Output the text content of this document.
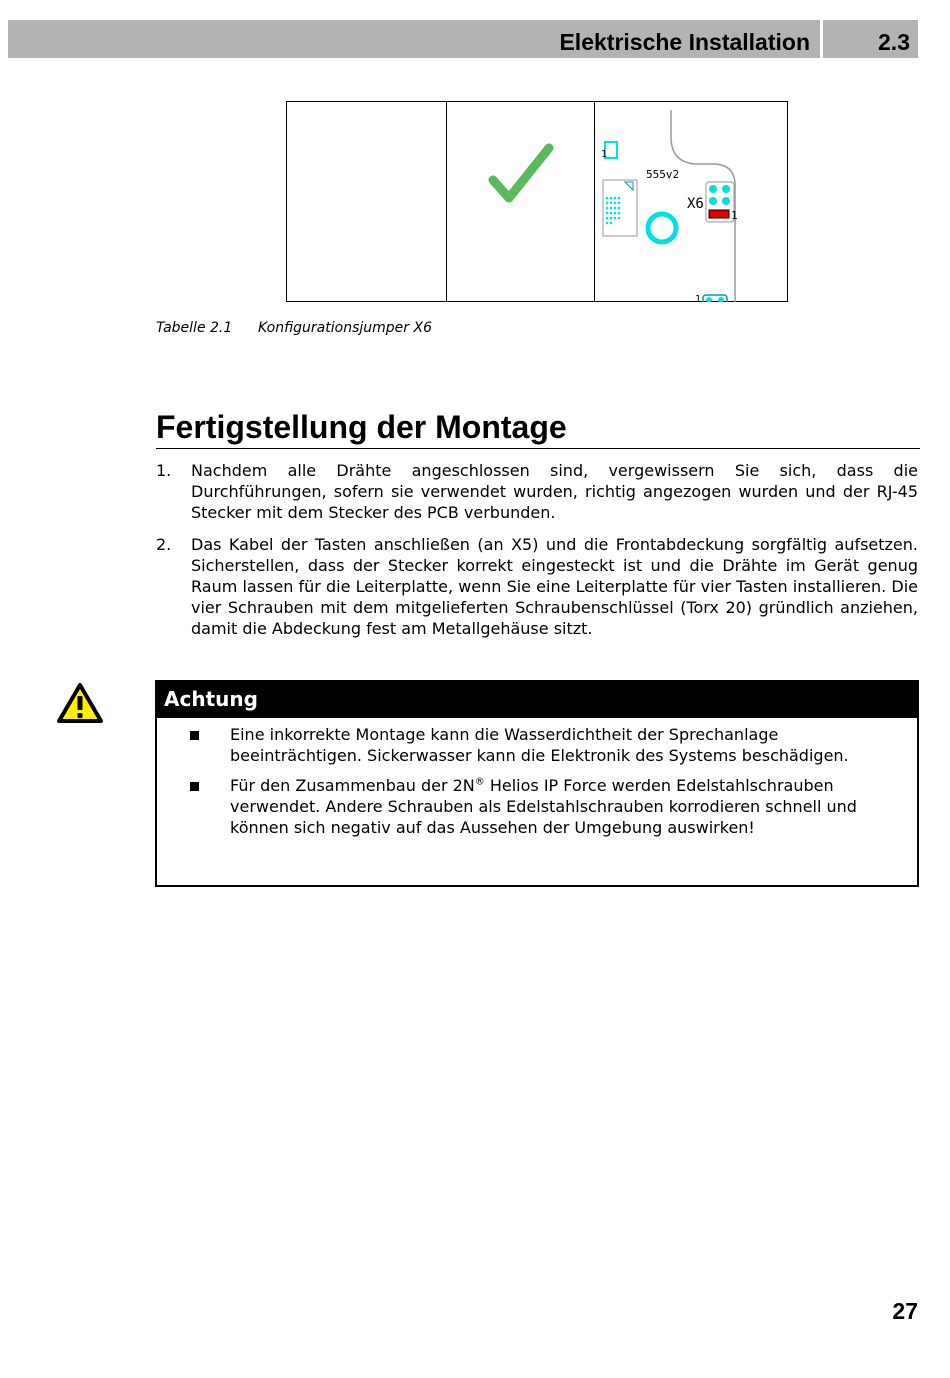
Elektrische Installation	2.3
1
555v2
X6
1
1
Tabelle 2.1 Konfigurationsjumper X6
Fertigstellung der Montage
1. Nachdem alle Drähte angeschlossen sind, vergewissern Sie sich, dass die Durchführungen, sofern sie verwendet wurden, richtig angezogen wurden und der RJ-45 Stecker mit dem Stecker des PCB verbunden.
2. Das Kabel der Tasten anschließen (an X5) und die Frontabdeckung sorgfältig aufsetzen. Sicherstellen, dass der Stecker korrekt eingesteckt ist und die Drähte im Gerät genug Raum lassen für die Leiterplatte, wenn Sie eine Leiterplatte für vier Tasten installieren. Die vier Schrauben mit dem mitgelieferten Schraubenschlüssel (Torx 20) gründlich anziehen, damit die Abdeckung fest am Metallgehäuse sitzt.
Achtung
Eine inkorrekte Montage kann die Wasserdichtheit der Sprechanlage beeinträchtigen. Sickerwasser kann die Elektronik des Systems beschädigen.
Für den Zusammenbau der 2N® Helios IP Force werden Edelstahlschrauben verwendet. Andere Schrauben als Edelstahlschrauben korrodieren schnell und können sich negativ auf das Aussehen der Umgebung auswirken!
27
